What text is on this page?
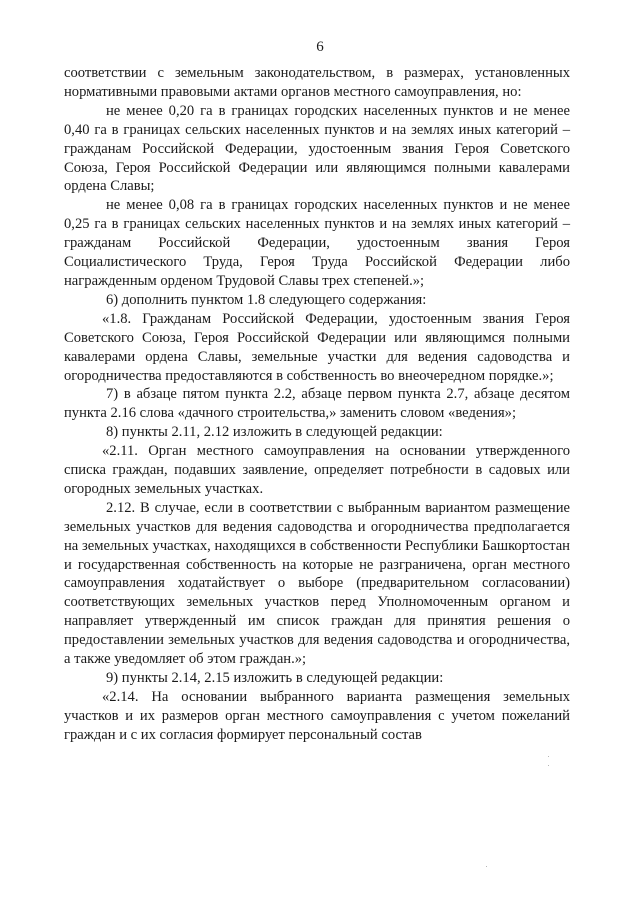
6

соответствии с земельным законодательством, в размерах, установленных нормативными правовыми актами органов местного самоуправления, но:

не менее 0,20 га в границах городских населенных пунктов и не менее 0,40 га в границах сельских населенных пунктов и на землях иных категорий – гражданам Российской Федерации, удостоенным звания Героя Советского Союза, Героя Российской Федерации или являющимся полными кавалерами ордена Славы;

не менее 0,08 га в границах городских населенных пунктов и не менее 0,25 га в границах сельских населенных пунктов и на землях иных категорий – гражданам Российской Федерации, удостоенным звания Героя Социалистического Труда, Героя Труда Российской Федерации либо награжденным орденом Трудовой Славы трех степеней.»;

6) дополнить пунктом 1.8 следующего содержания:

«1.8. Гражданам Российской Федерации, удостоенным звания Героя Советского Союза, Героя Российской Федерации или являющимся полными кавалерами ордена Славы, земельные участки для ведения садоводства и огородничества предоставляются в собственность во внеочередном порядке.»;

7) в абзаце пятом пункта 2.2, абзаце первом пункта 2.7, абзаце десятом пункта 2.16 слова «дачного строительства,» заменить словом «ведения»;

8) пункты 2.11, 2.12 изложить в следующей редакции:

«2.11. Орган местного самоуправления на основании утвержденного списка граждан, подавших заявление, определяет потребности в садовых или огородных земельных участках.

2.12. В случае, если в соответствии с выбранным вариантом размещение земельных участков для ведения садоводства и огородничества предполагается на земельных участках, находящихся в собственности Республики Башкортостан и государственная собственность на которые не разграничена, орган местного самоуправления ходатайствует о выборе (предварительном согласовании) соответствующих земельных участков перед Уполномоченным органом и направляет утвержденный им список граждан для принятия решения о предоставлении земельных участков для ведения садоводства и огородничества, а также уведомляет об этом граждан.»;

9) пункты 2.14, 2.15 изложить в следующей редакции:

«2.14. На основании выбранного варианта размещения земельных участков и их размеров орган местного самоуправления с учетом пожеланий граждан и с их согласия формирует персональный состав
